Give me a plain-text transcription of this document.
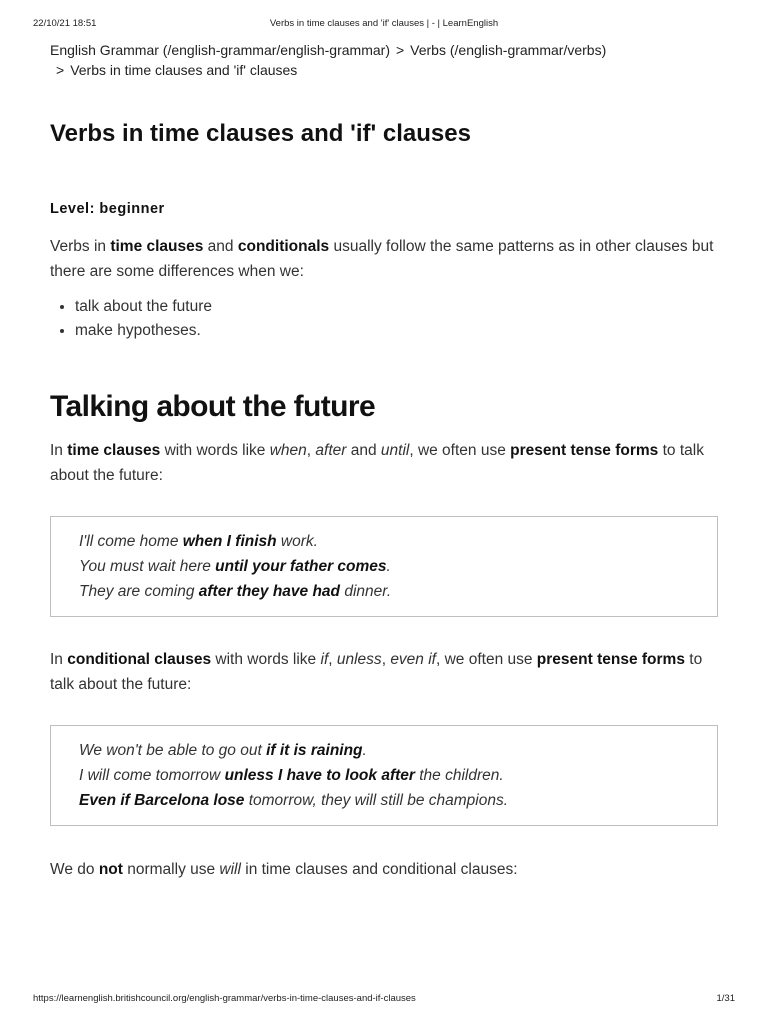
22/10/21 18:51	Verbs in time clauses and 'if' clauses | - | LearnEnglish
English Grammar (/english-grammar/english-grammar) > Verbs (/english-grammar/verbs)
> Verbs in time clauses and 'if' clauses
Verbs in time clauses and 'if' clauses
Level: beginner

Verbs in time clauses and conditionals usually follow the same patterns as in other clauses but there are some differences when we:

• talk about the future
• make hypotheses.
Talking about the future

In time clauses with words like when, after and until, we often use present tense forms to talk about the future:

I'll come home when I finish work.
You must wait here until your father comes.
They are coming after they have had dinner.

In conditional clauses with words like if, unless, even if, we often use present tense forms to talk about the future:

We won't be able to go out if it is raining.
I will come tomorrow unless I have to look after the children.
Even if Barcelona lose tomorrow, they will still be champions.

We do not normally use will in time clauses and conditional clauses:

https://learnenglish.britishcouncil.org/english-grammar/verbs-in-time-clauses-and-if-clauses	1/31
